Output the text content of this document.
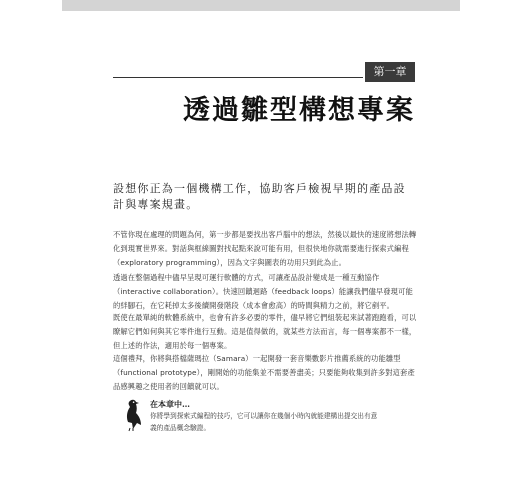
第一章
透過雛型構想專案

設想你正為一個機構工作，協助客戶檢視早期的產品設計與專案規畫。

不管你現在處理的問題為何，第一步都是要找出客戶腦中的想法，然後以最快的速度將想法轉化到現實世界來。對話與框線圖對找起點來說可能有用，但很快地你就需要進行探索式編程（exploratory programming），因為文字與圖表的功用只到此為止。

透過在整個過程中儘早呈現可運行軟體的方式，可讓產品設計變成是一種互動協作（interactive collaboration）。快速回饋迴路（feedback loops）能讓我們儘早發現可能的絆腳石，在它耗掉太多後續開發階段（成本會愈高）的時間與精力之前，將它剷平。

既使在最單純的軟體系統中，也會有許多必要的零件，儘早將它們組裝起來試著跑跑看，可以瞭解它們如何與其它零件進行互動。這是值得做的，就某些方法而言，每一個專案都不一樣，但上述的作法，適用於每一個專案。

這個禮拜，你將與搭檔薩瑪拉（Samara）一起開發一套音樂數影片推薦系統的功能雛型（functional prototype），剛開始的功能集並不需要善盡美；只要能夠收集到許多對這套產品感興趣之使用者的回饋就可以。

在本章中…

你將學到探索式編程的技巧，它可以讓你在幾個小時內就能建構出提交出有意義的產品概念驗證。
